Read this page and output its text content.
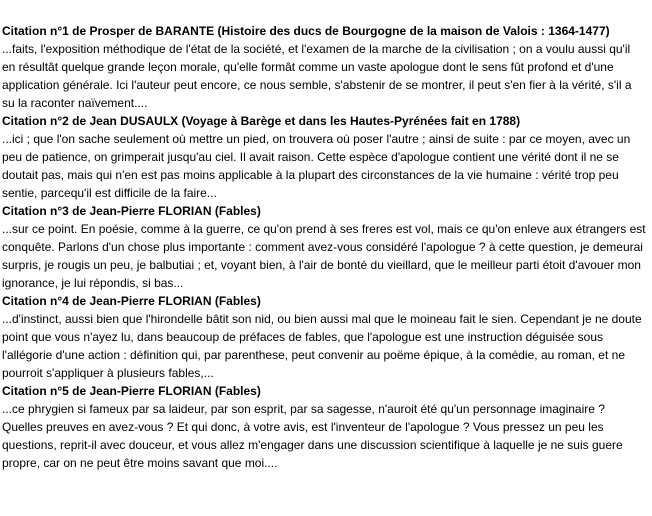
Citation n°1 de Prosper de BARANTE (Histoire des ducs de Bourgogne de la maison de Valois : 1364-1477)
...faits, l'exposition méthodique de l'état de la société, et l'examen de la marche de la civilisation ; on a voulu aussi qu'il en résultât quelque grande leçon morale, qu'elle formât comme un vaste apologue dont le sens fût profond et d'une application générale. Ici l'auteur peut encore, ce nous semble, s'abstenir de se montrer, il peut s'en fier à la vérité, s'il a su la raconter naïvement....
Citation n°2 de Jean DUSAULX (Voyage à Barège et dans les Hautes-Pyrénées fait en 1788)
...ici ; que l'on sache seulement où mettre un pied, on trouvera où poser l'autre ; ainsi de suite : par ce moyen, avec un peu de patience, on grimperait jusqu'au ciel. Il avait raison. Cette espèce d'apologue contient une vérité dont il ne se doutait pas, mais qui n'en est pas moins applicable à la plupart des circonstances de la vie humaine : vérité trop peu sentie, parcequ'il est difficile de la faire...
Citation n°3 de Jean-Pierre FLORIAN (Fables)
...sur ce point. En poésie, comme à la guerre, ce qu'on prend à ses freres est vol, mais ce qu'on enleve aux étrangers est conquête. Parlons d'un chose plus importante : comment avez-vous considéré l'apologue ? à cette question, je demeurai surpris, je rougis un peu, je balbutiai ; et, voyant bien, à l'air de bonté du vieillard, que le meilleur parti étoit d'avouer mon ignorance, je lui répondis, si bas...
Citation n°4 de Jean-Pierre FLORIAN (Fables)
...d'instinct, aussi bien que l'hirondelle bâtit son nid, ou bien aussi mal que le moineau fait le sien. Cependant je ne doute point que vous n'ayez lu, dans beaucoup de préfaces de fables, que l'apologue est une instruction déguisée sous l'allégorie d'une action : définition qui, par parenthese, peut convenir au poëme épique, à la comédie, au roman, et ne pourroit s'appliquer à plusieurs fables,...
Citation n°5 de Jean-Pierre FLORIAN (Fables)
...ce phrygien si fameux par sa laideur, par son esprit, par sa sagesse, n'auroit été qu'un personnage imaginaire ? Quelles preuves en avez-vous ? Et qui donc, à votre avis, est l'inventeur de l'apologue ? Vous pressez un peu les questions, reprit-il avec douceur, et vous allez m'engager dans une discussion scientifique à laquelle je ne suis guere propre, car on ne peut être moins savant que moi....
